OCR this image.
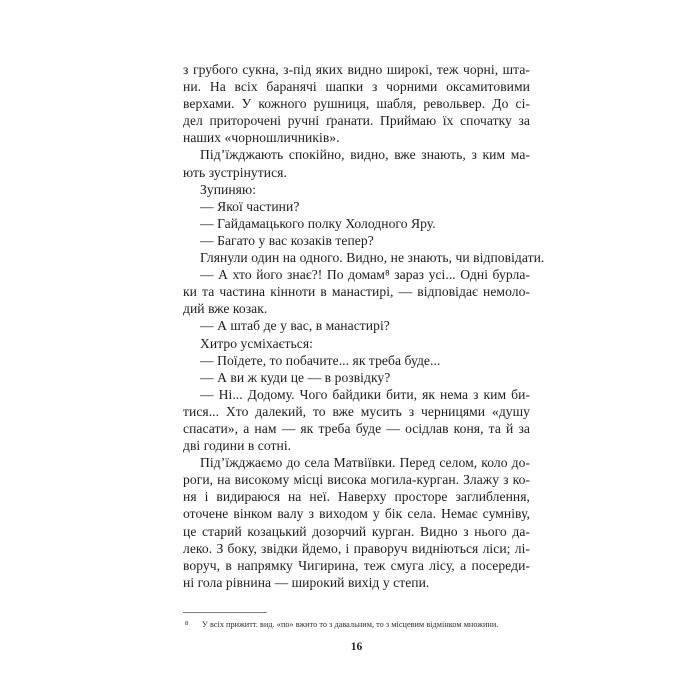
з грубого сукна, з-під яких видно широкі, теж чорні, шта-
ни. На всіх баранячі шапки з чорними оксамитовими
верхами. У кожного рушниця, шабля, револьвер. До сі-
дел приторочені ручні ґранати. Приймаю їх спочатку за
наших «чорношличників».
Під’їжджають спокійно, видно, вже знають, з ким ма-
ють зустрінутися.
Зупиняю:
— Якої частини?
— Гайдамацького полку Холодного Яру.
— Багато у вас козаків тепер?
Глянули один на одного. Видно, не знають, чи відповідати.
— А хто його знає?! По домам⁸ зараз усі... Одні бурла-
ки та частина кінноти в манастирі, — відповідає немоло-
дий вже козак.
— А штаб де у вас, в манастирі?
Хитро усміхається:
— Поїдете, то побачите... як треба буде...
— А ви ж куди це — в розвідку?
— Ні... Додому. Чого байдики бити, як нема з ким би-
тися... Хто далекий, то вже мусить з черницями «душу
спасати», а нам — як треба буде — осідлав коня, та й за
дві години в сотні.
Під’їжджаємо до села Матвіївки. Перед селом, коло до-
роги, на високому місці висока могила-курган. Злажу з ко-
ня і видираюся на неї. Наверху просторе заглиблення,
оточене вінком валу з виходом у бік села. Немає сумніву,
це старий козацький дозорчий курган. Видно з нього да-
леко. З боку, звідки йдемо, і праворуч видніються ліси; лі-
воруч, в напрямку Чигирина, теж смуга лісу, а посереди-
ні гола рівнина — широкий вихід у степи.
8 У всіх прижитт. вид. «по» вжито то з давальним, то з місцевим відмінком множини.
16
